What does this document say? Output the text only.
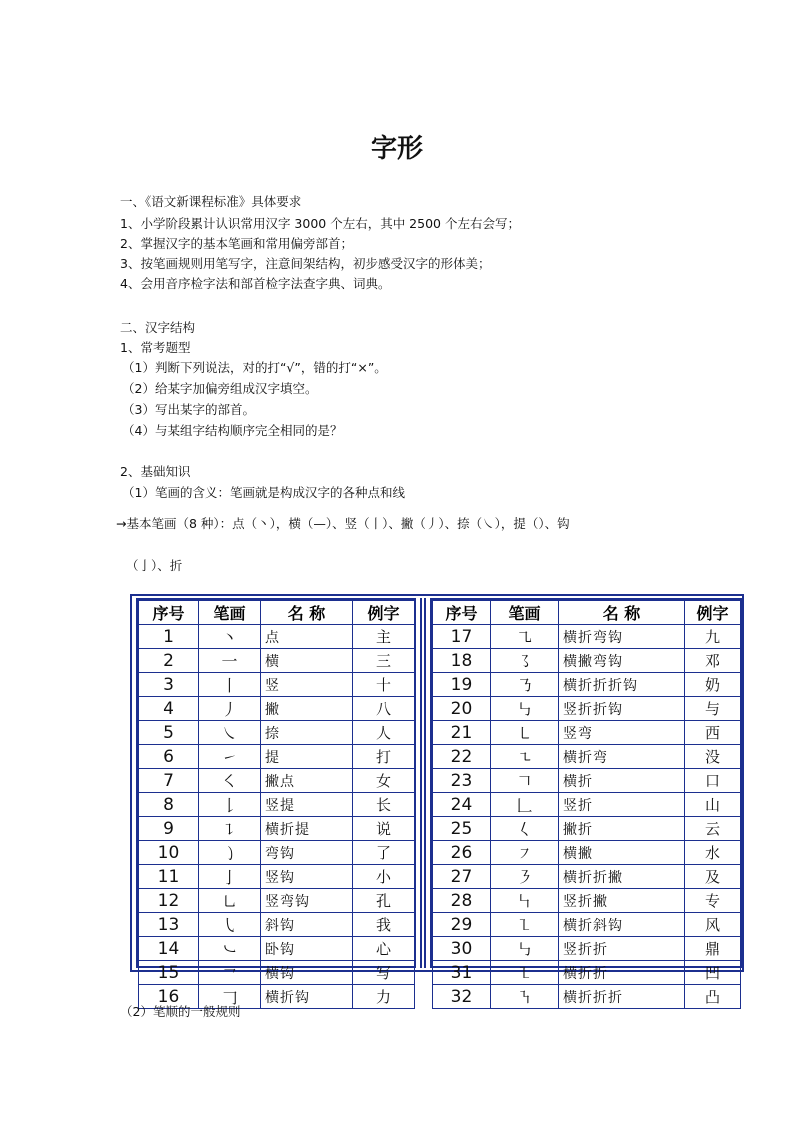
字形
一、《语文新课程标准》具体要求
1、小学阶段累计认识常用汉字 3000 个左右，其中 2500 个左右会写；
2、掌握汉字的基本笔画和常用偏旁部首；
3、按笔画规则用笔写字，注意间架结构，初步感受汉字的形体美；
4、会用音序检字法和部首检字法查字典、词典。
二、汉字结构
1、常考题型
（1）判断下列说法，对的打“√”，错的打“×”。
（2）给某字加偏旁组成汉字填空。
（3）写出某字的部首。
（4）与某组字结构顺序完全相同的是？
2、基础知识
（1）笔画的含义：笔画就是构成汉字的各种点和线
→基本笔画（8 种）：点（丶），横（—）、竖（丨）、撇（丿）、捺（㇏），提（）、钩
（亅）、折
序号	笔画	名 称	例字
1	丶	点	主
2	一	横	三
3	丨	竖	十
4	丿	撇	八
5	㇏	捺	人
6	㇀	提	打
7	㇛	撇点	女
8	𠄌	竖提	长
9	㇊	横折提	说
10	㇁	弯钩	了
11	亅	竖钩	小
12	㇟	竖弯钩	孔
13	㇂	斜钩	我
14	㇃	卧钩	心
15	㇖	横钩	写
16	𠃌	横折钩	力
序号	笔画	名 称	例字
17	㇈	横折弯钩	九
18	㇌	横撇弯钩	邓
19	㇡	横折折折钩	奶
20	㇉	竖折折钩	与
21	㇄	竖弯	西
22	㇍	横折弯	没
23	𠃍	横折	口
24	𠃊	竖折	山
25	𡿨	撇折	云
26	㇇	横撇	水
27	㇋	横折折撇	及
28	㇞	竖折撇	专
29	㇅	横折斜钩	风
30	㇉	竖折折	鼎
31	㇅	横折折	凹
32	㇎	横折折折	凸
（2）笔顺的一般规则
